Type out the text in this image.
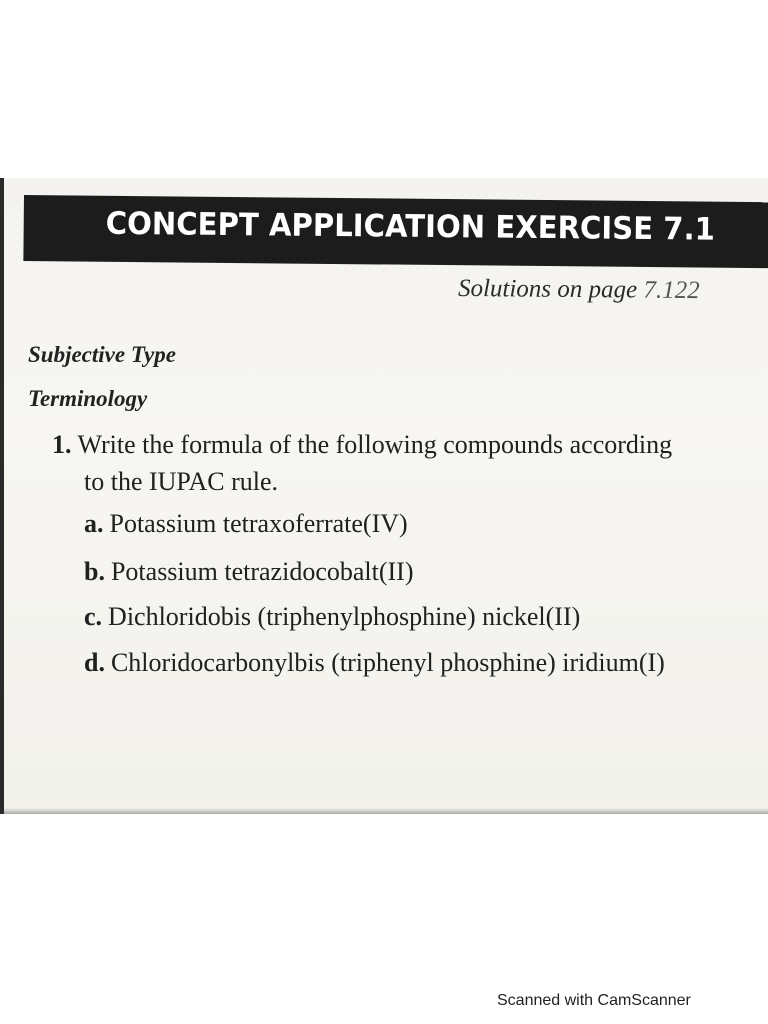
CONCEPT APPLICATION EXERCISE 7.1
Solutions on page 7.122
Subjective Type
Terminology
1. Write the formula of the following compounds according
to the IUPAC rule.
a. Potassium tetraxoferrate(IV)
b. Potassium tetrazidocobalt(II)
c. Dichloridobis (triphenylphosphine) nickel(II)
d. Chloridocarbonylbis (triphenyl phosphine) iridium(I)
Scanned with CamScanner
